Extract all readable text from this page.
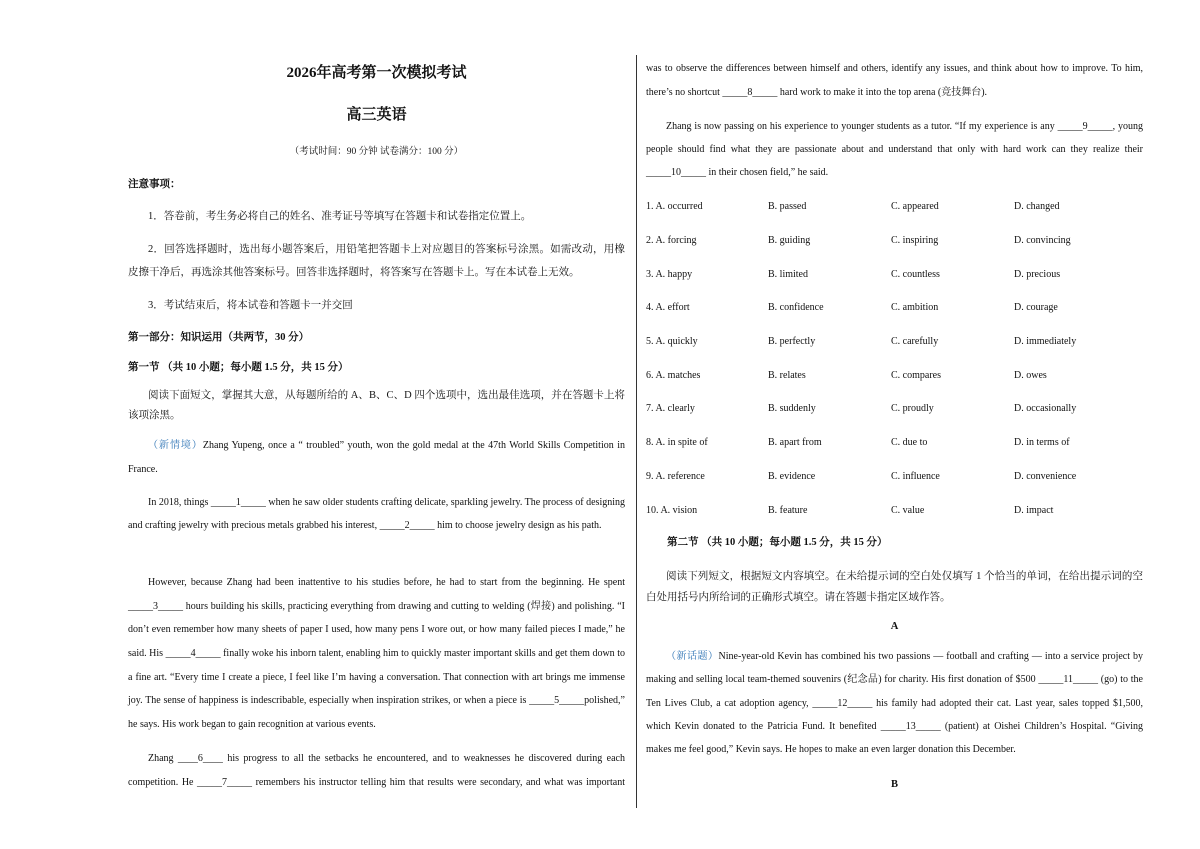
2026年高考第一次模拟考试
高三英语
（考试时间：90 分钟 试卷满分：100 分）
注意事项：
1．答卷前，考生务必将自己的姓名、准考证号等填写在答题卡和试卷指定位置上。
2．回答选择题时，选出每小题答案后，用铅笔把答题卡上对应题目的答案标号涂黑。如需改动，用橡皮擦干净后，再选涂其他答案标号。回答非选择题时，将答案写在答题卡上。写在本试卷上无效。
3．考试结束后，将本试卷和答题卡一并交回
第一部分：知识运用（共两节，30 分）
第一节 （共 10 小题；每小题 1.5 分，共 15 分）
阅读下面短文，掌握其大意，从每题所给的 A、B、C、D 四个选项中，选出最佳选项，并在答题卡上将该项涂黑。
（新情境）Zhang Yupeng, once a “ troubled” youth, won the gold medal at the 47th World Skills Competition in France.
In 2018, things _____1_____ when he saw older students crafting delicate, sparkling jewelry. The process of designing and crafting jewelry with precious metals grabbed his interest, _____2_____ him to choose jewelry design as his path.
However, because Zhang had been inattentive to his studies before, he had to start from the beginning. He spent _____3_____ hours building his skills, practicing everything from drawing and cutting to welding (焊接) and polishing. “I don’t even remember how many sheets of paper I used, how many pens I wore out, or how many failed pieces I made,” he said. His _____4_____ finally woke his inborn talent, enabling him to quickly master important skills and get them down to a fine art. “Every time I create a piece, I feel like I’m having a conversation. That connection with art brings me immense joy. The sense of happiness is indescribable, especially when inspiration strikes, or when a piece is _____5_____polished,” he says. His work began to gain recognition at various events.
Zhang ____6____ his progress to all the setbacks he encountered, and to weaknesses he discovered during each competition. He _____7_____ remembers his instructor telling him that results were secondary, and what was important
was to observe the differences between himself and others, identify any issues, and think about how to improve. To him, there’s no shortcut _____8_____ hard work to make it into the top arena (竞技舞台).
Zhang is now passing on his experience to younger students as a tutor. “If my experience is any _____9_____, young people should find what they are passionate about and understand that only with hard work can they realize their _____10_____ in their chosen field,” he said.
1. A. occurred	B. passed	C. appeared	D. changed
2. A. forcing	B. guiding	C. inspiring	D. convincing
3. A. happy	B. limited	C. countless	D. precious
4. A. effort	B. confidence	C. ambition	D. courage
5. A. quickly	B. perfectly	C. carefully	D. immediately
6. A. matches	B. relates	C. compares	D. owes
7. A. clearly	B. suddenly	C. proudly	D. occasionally
8. A. in spite of	B. apart from	C. due to	D. in terms of
9. A. reference	B. evidence	C. influence	D. convenience
10. A. vision	B. feature	C. value	D. impact
第二节 （共 10 小题；每小题 1.5 分，共 15 分）
阅读下列短文，根据短文内容填空。在未给提示词的空白处仅填写 1 个恰当的单词，在给出提示词的空白处用括号内所给词的正确形式填空。请在答题卡指定区域作答。
A
（新话题）Nine-year-old Kevin has combined his two passions — football and crafting — into a service project by making and selling local team-themed souvenirs (纪念品) for charity. His first donation of $500 _____11_____ (go) to the Ten Lives Club, a cat adoption agency, _____12_____ his family had adopted their cat. Last year, sales topped $1,500, which Kevin donated to the Patricia Fund. It benefited _____13_____ (patient) at Oishei Children’s Hospital. “Giving makes me feel good,” Kevin says. He hopes to make an even larger donation this December.
B
